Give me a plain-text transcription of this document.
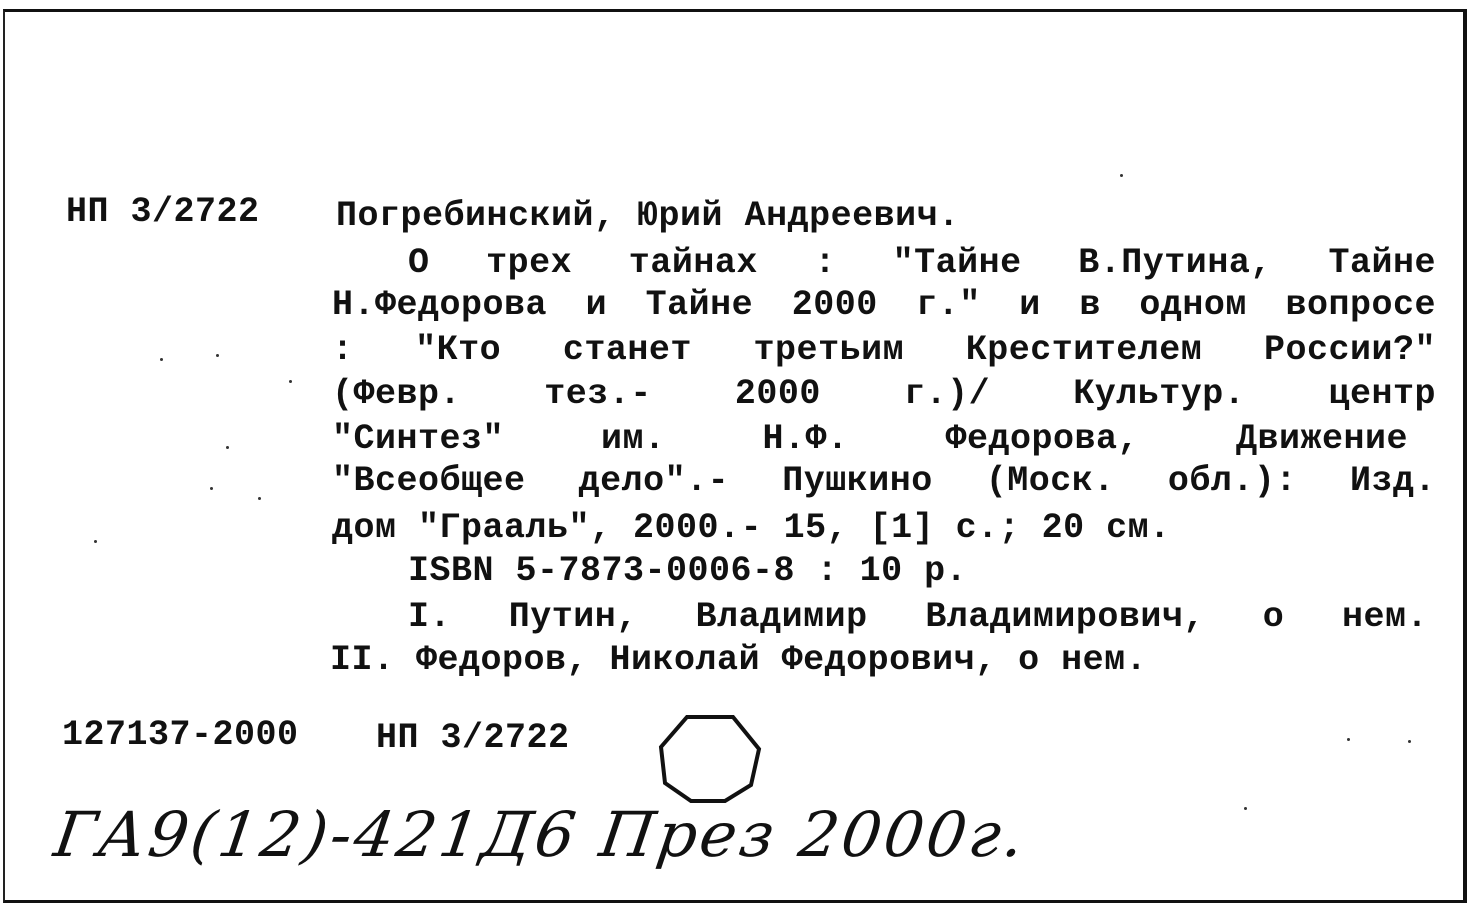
НП 3/2722 Погребинский, Юрий Андреевич.
О трех тайнах : "Тайне В.Путина, Тайне
Н.Федорова и Тайне 2000 г." и в одном вопросе
: "Кто станет третьим Крестителем России?"
(Февр. тез.- 2000 г.)/ Культур. центр
"Синтез" им. Н.Ф. Федорова, Движение
"Всеобщее дело".- Пушкино (Моск. обл.): Изд.
дом "Грааль", 2000.- 15, [1] с.; 20 см.
ISBN 5-7873-0006-8 : 10 р.
I. Путин, Владимир Владимирович, о нем.
II. Федоров, Николай Федорович, о нем.
127137-2000 НП 3/2722
ГА9(12)-421Д6 През 2000г.
